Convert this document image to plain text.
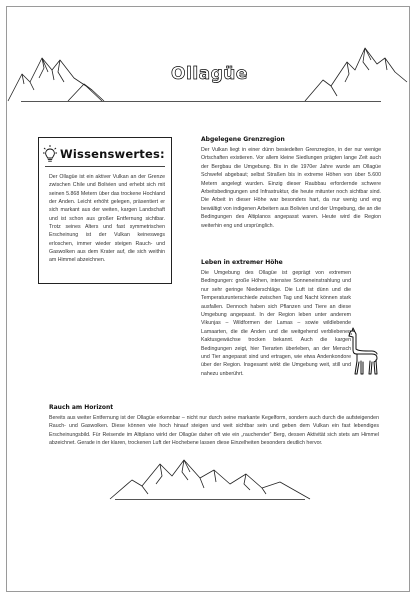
Ollagüe
Wissenswertes:
Der Ollagüe ist ein aktiver Vulkan an der Grenze zwischen Chile und Bolivien und erhebt sich mit seinen 5.868 Metern über das trockene Hochland der Anden. Leicht erhöht gelegen, präsentiert er sich markant aus der weiten, kargen Landschaft und ist schon aus großer Entfernung sichtbar. Trotz seines Alters und fast symmetrischen Erscheinung ist der Vulkan keineswegs erloschen, immer wieder steigen Rauch- und Gaswolken aus dem Krater auf, die sich weithin am Himmel abzeichnen.
Abgelegene Grenzregion
Der Vulkan liegt in einer dünn besiedelten Grenzregion, in der nur wenige Ortschaften existieren. Vor allem kleine Siedlungen prägten lange Zeit auch der Bergbau die Umgebung. Bis in die 1970er Jahre wurde am Ollagüe Schwefel abgebaut; selbst Straßen bis in extreme Höhen von über 5.600 Metern angelegt wurden. Einzig dieser Raubbau erfordernde schwere Arbeitsbedingungen und Infrastruktur, die heute mitunter noch sichtbar sind. Die Arbeit in dieser Höhe war besonders hart, da nur wenig und eng bewältigt von indigenen Arbeitern aus Bolivien und der Umgebung, die an die Bedingungen des Altiplanos angepasst waren. Heute wird die Region weiterhin eng und ursprünglich.
Leben in extremer Höhe
Die Umgebung des Ollagüe ist geprägt von extremen Bedingungen: große Höhen, intensive Sonneneinstrahlung und nur sehr geringe Niederschläge. Die Luft ist dünn und die Temperaturunterschiede zwischen Tag und Nacht können stark ausfallen. Dennoch haben sich Pflanzen und Tiere an diese Umgebung angepasst. In der Region leben unter anderem Vikunjas – Wildformen der Lamas – sowie wildlebende Lamaarten, die die Anden und die weitgehend verbliebenen Kaktusgewächse trocken bekannt. Auch die kargen Bedingungen zeigt, hier Tierarten überleben, an der Mensch und Tier angepasst sind und ertragen, wie etwa Andenkondore über der Region. Insgesamt wirkt die Umgebung weit, still und nahezu unberührt.
Rauch am Horizont
Bereits aus weiter Entfernung ist der Ollagüe erkennbar – nicht nur durch seine markante Kegelform, sondern auch durch die aufsteigenden Rauch- und Gaswolken. Diese können wie hoch hinauf steigen und weit sichtbar sein und geben dem Vulkan ein fast lebendiges Erscheinungsbild. Für Reisende im Altiplano wirkt der Ollagüe daher oft wie ein „rauchender“ Berg, dessen Aktivität sich stets am Himmel abzeichnet. Gerade in der klaren, trockenen Luft der Hochebene lassen diese Einzelheiten besonders deutlich hervor.
